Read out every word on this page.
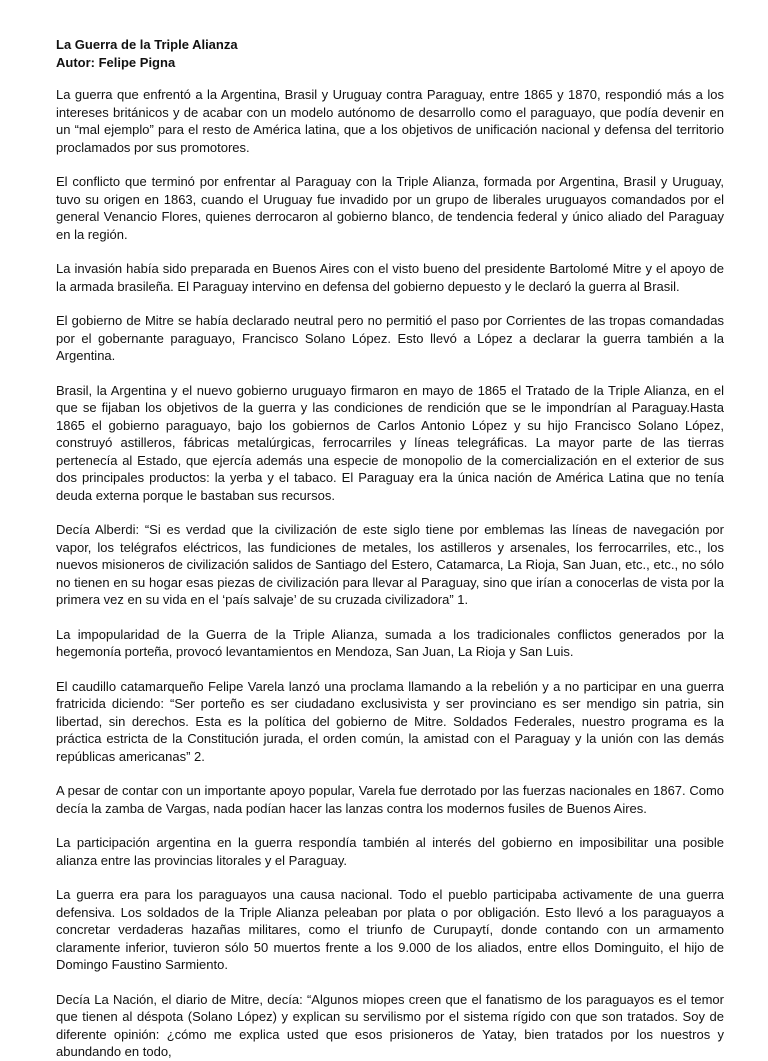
La Guerra de la Triple Alianza

Autor: Felipe Pigna

La guerra que enfrentó a la Argentina, Brasil y Uruguay contra Paraguay, entre 1865 y 1870, respondió más a los intereses británicos y de acabar con un modelo autónomo de desarrollo como el paraguayo, que podía devenir en un “mal ejemplo” para el resto de América latina, que a los objetivos de unificación nacional y defensa del territorio proclamados por sus promotores.

El conflicto que terminó por enfrentar al Paraguay con la Triple Alianza, formada por Argentina, Brasil y Uruguay, tuvo su origen en 1863, cuando el Uruguay fue invadido por un grupo de liberales uruguayos comandados por el general Venancio Flores, quienes derrocaron al gobierno blanco, de tendencia federal y único aliado del Paraguay en la región.

La invasión había sido preparada en Buenos Aires con el visto bueno del presidente Bartolomé Mitre y el apoyo de la armada brasileña. El Paraguay intervino en defensa del gobierno depuesto y le declaró la guerra al Brasil.

El gobierno de Mitre se había declarado neutral pero no permitió el paso por Corrientes de las tropas comandadas por el gobernante paraguayo, Francisco Solano López. Esto llevó a López a declarar la guerra también a la Argentina.

Brasil, la Argentina y el nuevo gobierno uruguayo firmaron en mayo de 1865 el Tratado de la Triple Alianza, en el que se fijaban los objetivos de la guerra y las condiciones de rendición que se le impondrían al Paraguay.Hasta 1865 el gobierno paraguayo, bajo los gobiernos de Carlos Antonio López y su hijo Francisco Solano López, construyó astilleros, fábricas metalúrgicas, ferrocarriles y líneas telegráficas. La mayor parte de las tierras pertenecía al Estado, que ejercía además una especie de monopolio de la comercialización en el exterior de sus dos principales productos: la yerba y el tabaco. El Paraguay era la única nación de América Latina que no tenía deuda externa porque le bastaban sus recursos.

Decía Alberdi: “Si es verdad que la civilización de este siglo tiene por emblemas las líneas de navegación por vapor, los telégrafos eléctricos, las fundiciones de metales, los astilleros y arsenales, los ferrocarriles, etc., los nuevos misioneros de civilización salidos de Santiago del Estero, Catamarca, La Rioja, San Juan, etc., etc., no sólo no tienen en su hogar esas piezas de civilización para llevar al Paraguay, sino que irían a conocerlas de vista por la primera vez en su vida en el ‘país salvaje’ de su cruzada civilizadora” 1.

La impopularidad de la Guerra de la Triple Alianza, sumada a los tradicionales conflictos generados por la hegemonía porteña, provocó levantamientos en Mendoza, San Juan, La Rioja y San Luis.

El caudillo catamarqueño Felipe Varela lanzó una proclama llamando a la rebelión y a no participar en una guerra fratricida diciendo: “Ser porteño es ser ciudadano exclusivista y ser provinciano es ser mendigo sin patria, sin libertad, sin derechos. Esta es la política del gobierno de Mitre. Soldados Federales, nuestro programa es la práctica estricta de la Constitución jurada, el orden común, la amistad con el Paraguay y la unión con las demás repúblicas americanas” 2.

A pesar de contar con un importante apoyo popular, Varela fue derrotado por las fuerzas nacionales en 1867. Como decía la zamba de Vargas, nada podían hacer las lanzas contra los modernos fusiles de Buenos Aires.

La participación argentina en la guerra respondía también al interés del gobierno en imposibilitar una posible alianza entre las provincias litorales y el Paraguay.

La guerra era para los paraguayos una causa nacional. Todo el pueblo participaba activamente de una guerra defensiva. Los soldados de la Triple Alianza peleaban por plata o por obligación. Esto llevó a los paraguayos a concretar verdaderas hazañas militares, como el triunfo de Curupaytí, donde contando con un armamento claramente inferior, tuvieron sólo 50 muertos frente a los 9.000 de los aliados, entre ellos Dominguito, el hijo de Domingo Faustino Sarmiento.

Decía La Nación, el diario de Mitre, decía: “Algunos miopes creen que el fanatismo de los paraguayos es el temor que tienen al déspota (Solano López) y explican su servilismo por el sistema rígido con que son tratados. Soy de diferente opinión: ¿cómo me explica usted que esos prisioneros de Yatay, bien tratados por los nuestros y abundando en todo,
